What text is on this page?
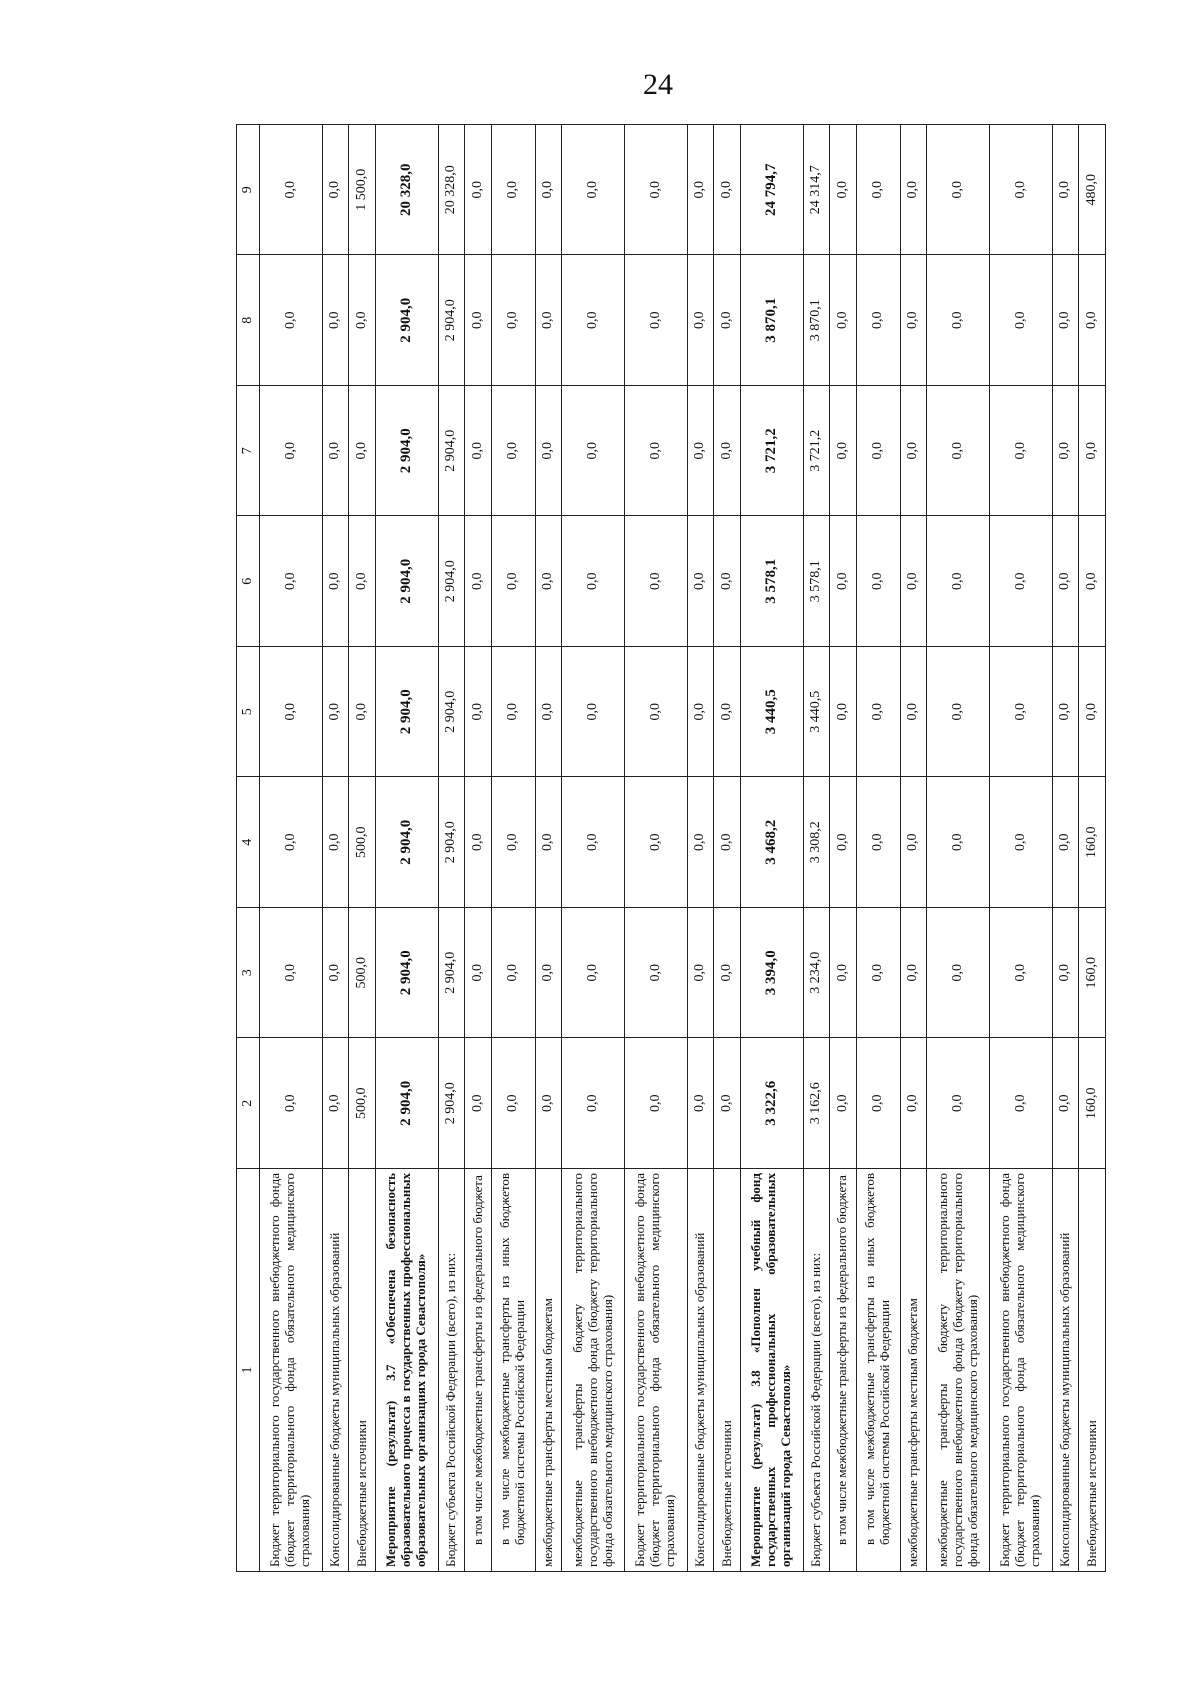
24
1	2	3	4	5	6	7	8	9
Бюджет территориального государственного внебюджетного фонда (бюджет территориального фонда обязательного медицинского страхования)	0,0	0,0	0,0	0,0	0,0	0,0	0,0	0,0
Консолидированные бюджеты муниципальных образований	0,0	0,0	0,0	0,0	0,0	0,0	0,0	0,0
Внебюджетные источники	500,0	500,0	500,0	0,0	0,0	0,0	0,0	1 500,0
Мероприятие (результат) 3.7 «Обеспечена безопасность образовательного процесса в государственных профессиональных образовательных организациях города Севастополя»	2 904,0	2 904,0	2 904,0	2 904,0	2 904,0	2 904,0	2 904,0	20 328,0
Бюджет субъекта Российской Федерации (всего), из них:	2 904,0	2 904,0	2 904,0	2 904,0	2 904,0	2 904,0	2 904,0	20 328,0
в том числе межбюджетные трансферты из федерального бюджета	0,0	0,0	0,0	0,0	0,0	0,0	0,0	0,0
в том числе межбюджетные трансферты из иных бюджетов бюджетной системы Российской Федерации	0,0	0,0	0,0	0,0	0,0	0,0	0,0	0,0
межбюджетные трансферты местным бюджетам	0,0	0,0	0,0	0,0	0,0	0,0	0,0	0,0
межбюджетные трансферты бюджету территориального государственного внебюджетного фонда (бюджету территориального фонда обязательного медицинского страхования)	0,0	0,0	0,0	0,0	0,0	0,0	0,0	0,0
Бюджет территориального государственного внебюджетного фонда (бюджет территориального фонда обязательного медицинского страхования)	0,0	0,0	0,0	0,0	0,0	0,0	0,0	0,0
Консолидированные бюджеты муниципальных образований	0,0	0,0	0,0	0,0	0,0	0,0	0,0	0,0
Внебюджетные источники	0,0	0,0	0,0	0,0	0,0	0,0	0,0	0,0
Мероприятие (результат) 3.8 «Пополнен учебный фонд государственных профессиональных образовательных организаций города Севастополя»	3 322,6	3 394,0	3 468,2	3 440,5	3 578,1	3 721,2	3 870,1	24 794,7
Бюджет субъекта Российской Федерации (всего), из них:	3 162,6	3 234,0	3 308,2	3 440,5	3 578,1	3 721,2	3 870,1	24 314,7
в том числе межбюджетные трансферты из федерального бюджета	0,0	0,0	0,0	0,0	0,0	0,0	0,0	0,0
в том числе межбюджетные трансферты из иных бюджетов бюджетной системы Российской Федерации	0,0	0,0	0,0	0,0	0,0	0,0	0,0	0,0
межбюджетные трансферты местным бюджетам	0,0	0,0	0,0	0,0	0,0	0,0	0,0	0,0
межбюджетные трансферты бюджету территориального государственного внебюджетного фонда (бюджету территориального фонда обязательного медицинского страхования)	0,0	0,0	0,0	0,0	0,0	0,0	0,0	0,0
Бюджет территориального государственного внебюджетного фонда (бюджет территориального фонда обязательного медицинского страхования)	0,0	0,0	0,0	0,0	0,0	0,0	0,0	0,0
Консолидированные бюджеты муниципальных образований	0,0	0,0	0,0	0,0	0,0	0,0	0,0	0,0
Внебюджетные источники	160,0	160,0	160,0	0,0	0,0	0,0	0,0	480,0
